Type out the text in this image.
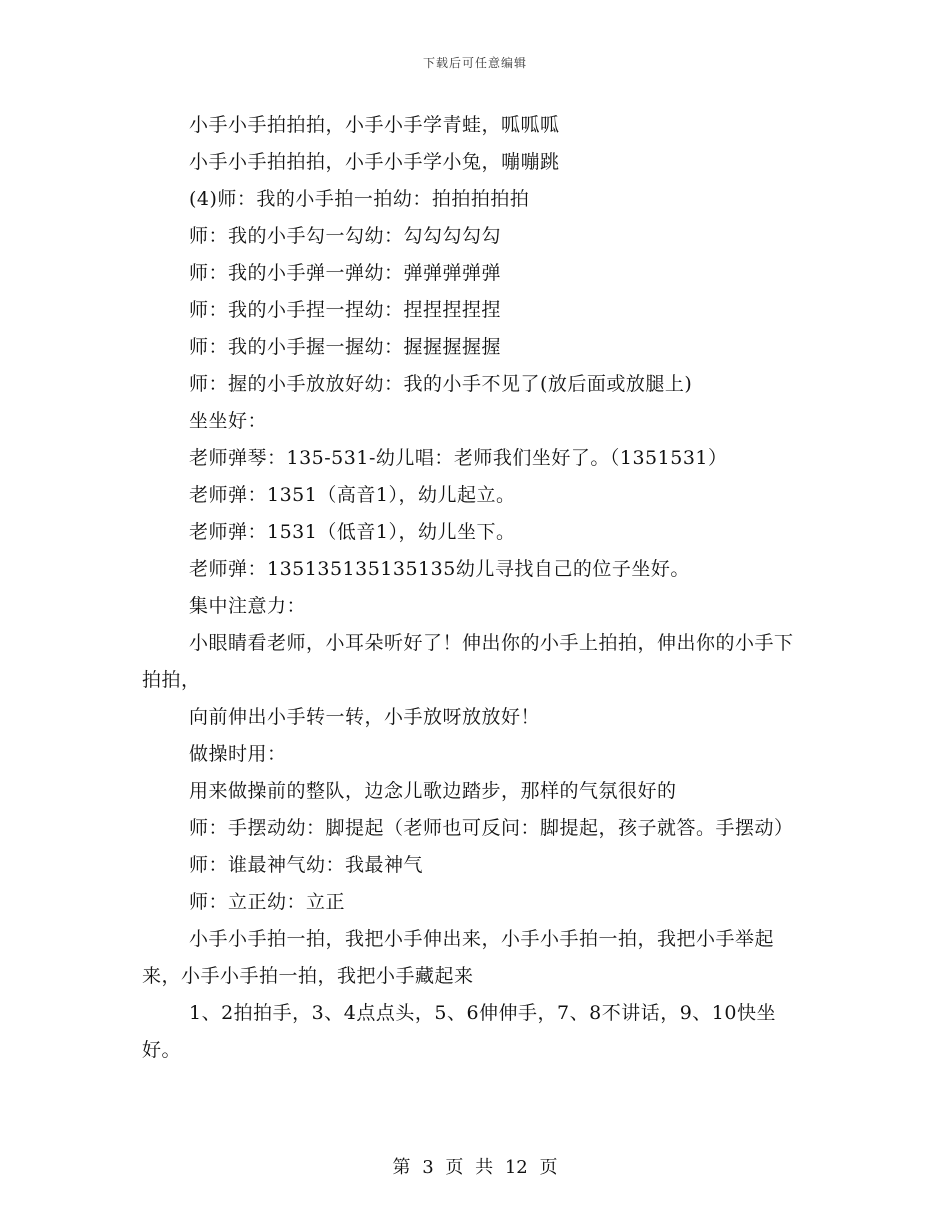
下载后可任意编辑

小手小手拍拍拍，小手小手学青蛙，呱呱呱

小手小手拍拍拍，小手小手学小兔，嘣嘣跳

(4)师：我的小手拍一拍幼：拍拍拍拍拍

师：我的小手勾一勾幼：勾勾勾勾勾

师：我的小手弹一弹幼：弹弹弹弹弹

师：我的小手捏一捏幼：捏捏捏捏捏

师：我的小手握一握幼：握握握握握

师：握的小手放放好幼：我的小手不见了(放后面或放腿上)

坐坐好：

老师弹琴：135-531-幼儿唱：老师我们坐好了。（1351531）

老师弹：1351（高音1），幼儿起立。

老师弹：1531（低音1），幼儿坐下。

老师弹：135135135135135幼儿寻找自己的位子坐好。

集中注意力：

小眼睛看老师，小耳朵听好了！伸出你的小手上拍拍，伸出你的小手下拍拍，

向前伸出小手转一转，小手放呀放放好！

做操时用：

用来做操前的整队，边念儿歌边踏步，那样的气氛很好的

师：手摆动幼：脚提起（老师也可反问：脚提起，孩子就答。手摆动）

师：谁最神气幼：我最神气

师：立正幼：立正

小手小手拍一拍，我把小手伸出来，小手小手拍一拍，我把小手举起来，小手小手拍一拍，我把小手藏起来

1、2拍拍手，3、4点点头，5、6伸伸手，7、8不讲话，9、10快坐好。

第 3 页 共 12 页
